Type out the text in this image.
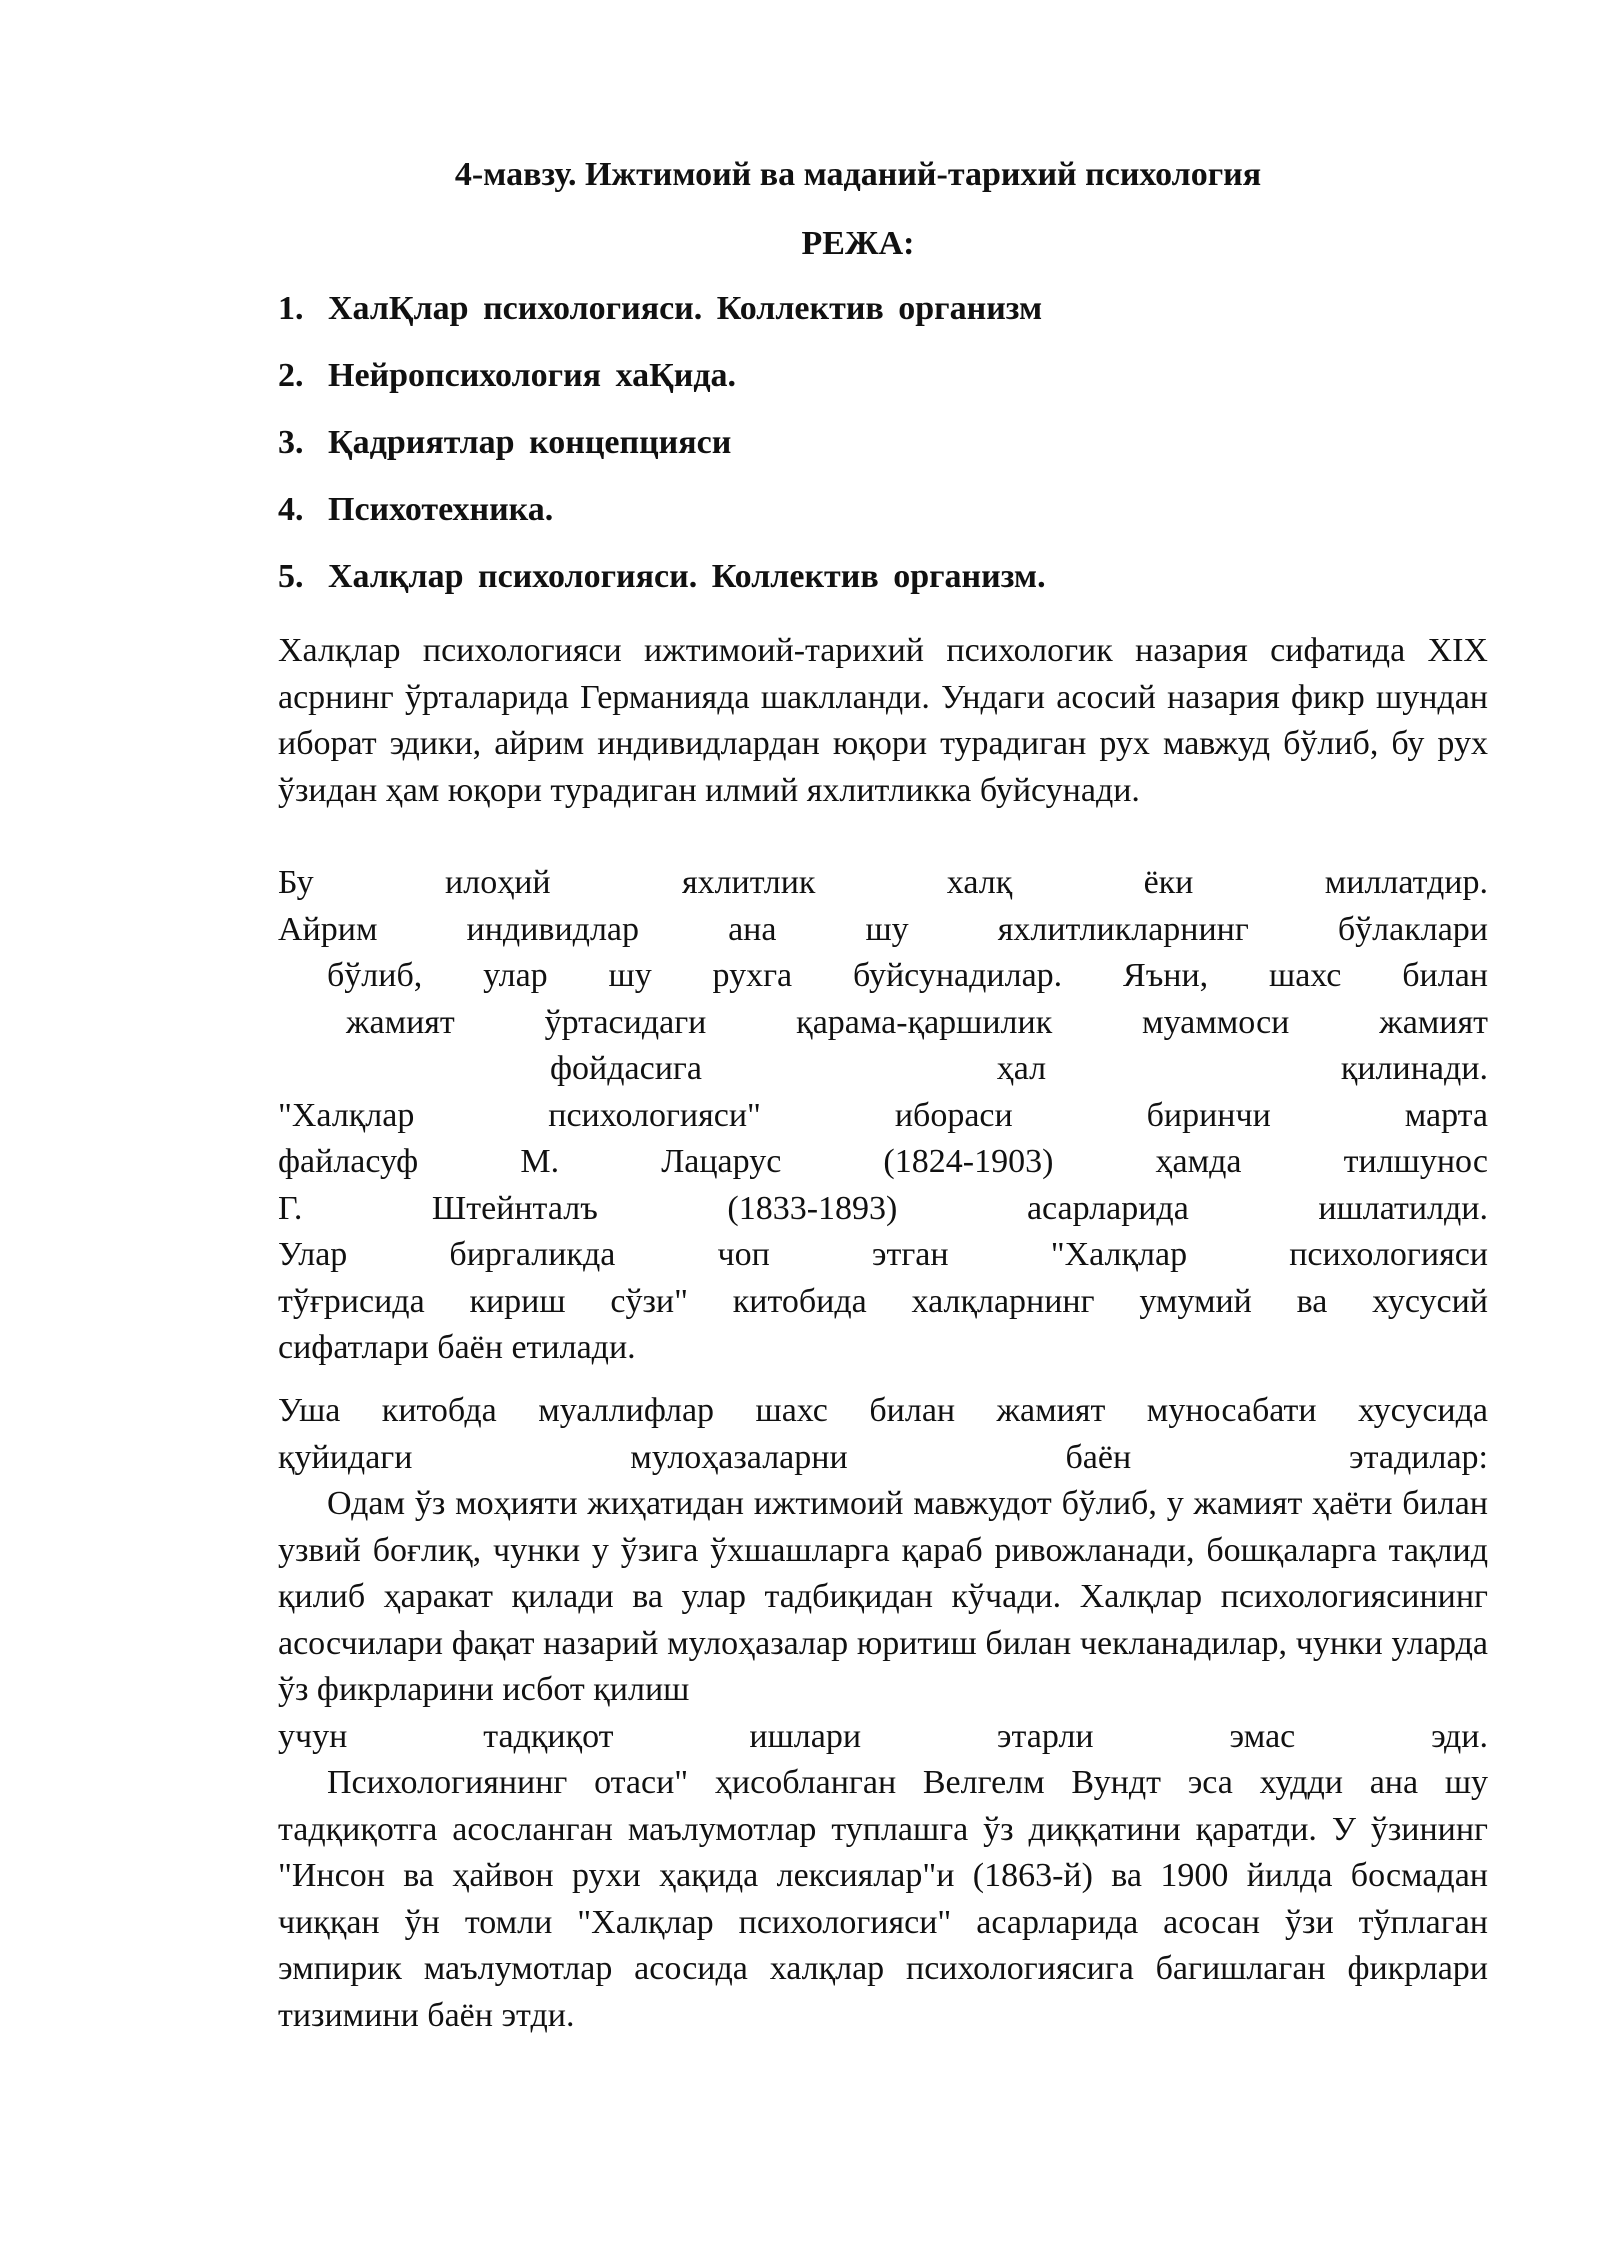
4-мавзу. Ижтимоий ва маданий-тарихий психология
РЕЖА:
1. ХалҚлар психологияси. Коллектив организм
2. Нейропсихология хаҚида.
3. Қадриятлар концепцияси
4. Психотехника.
5. Халқлар психологияси. Коллектив организм.

Халқлар психологияси ижтимоий-тарихий психологик назария сифатида XIX асрнинг ўрталарида Германияда шаклланди. Ундаги асосий назария фикр шундан иборат эдики, айрим индивидлардан юқори турадиган рух мавжуд бўлиб, бу рух ўзидан ҳам юқори турадиган илмий яхлитликка буйсунади.

Бу илоҳий яхлитлик халқ ёки миллатдир.

Айрим индивидлар ана шу яхлитликларнинг бўлаклари

бўлиб, улар шу рухга буйсунадилар. Яъни, шахс билан

жамият ўртасидаги қарама-қаршилик муаммоси жамият

фойдасига ҳал қилинади.

"Халқлар психологияси" ибораси биринчи марта

файласуф М. Лацарус (1824-1903) ҳамда тилшунос

Г. Штейнталъ (1833-1893) асарларида ишлатилди.

Улар биргаликда чоп этган "Халқлар психологияси

тўғрисида кириш сўзи" китобида халқларнинг умумий ва хусусий

сифатлари баён етилади.

Уша китобда муаллифлар шахс билан жамият муносабати хусусида

қуйидаги мулоҳазаларни баён этадилар:

Одам ўз моҳияти жиҳатидан ижтимоий мавжудот бўлиб, у жамият ҳаёти билан узвий боғлиқ, чунки у ўзига ўхшашларга қараб ривожланади, бошқаларга тақлид қилиб ҳаракат қилади ва улар тадбиқидан кўчади. Халқлар психологиясининг асосчилари фақат назарий мулоҳазалар юритиш билан чекланадилар, чунки уларда ўз фикрларини исбот қилиш

учун тадқиқот ишлари этарли эмас эди.

Психологиянинг отаси" ҳисобланган Велгелм Вундт эса худди ана шу тадқиқотга асосланган маълумотлар туплашга ўз диққатини қаратди. У ўзининг "Инсон ва ҳайвон рухи ҳақида лексиялар"и (1863-й) ва 1900 йилда босмадан чиққан ўн томли "Халқлар психологияси" асарларида асосан ўзи тўплаган эмпирик маълумотлар асосида халқлар психологиясига багишлаган фикрлари тизимини баён этди.
